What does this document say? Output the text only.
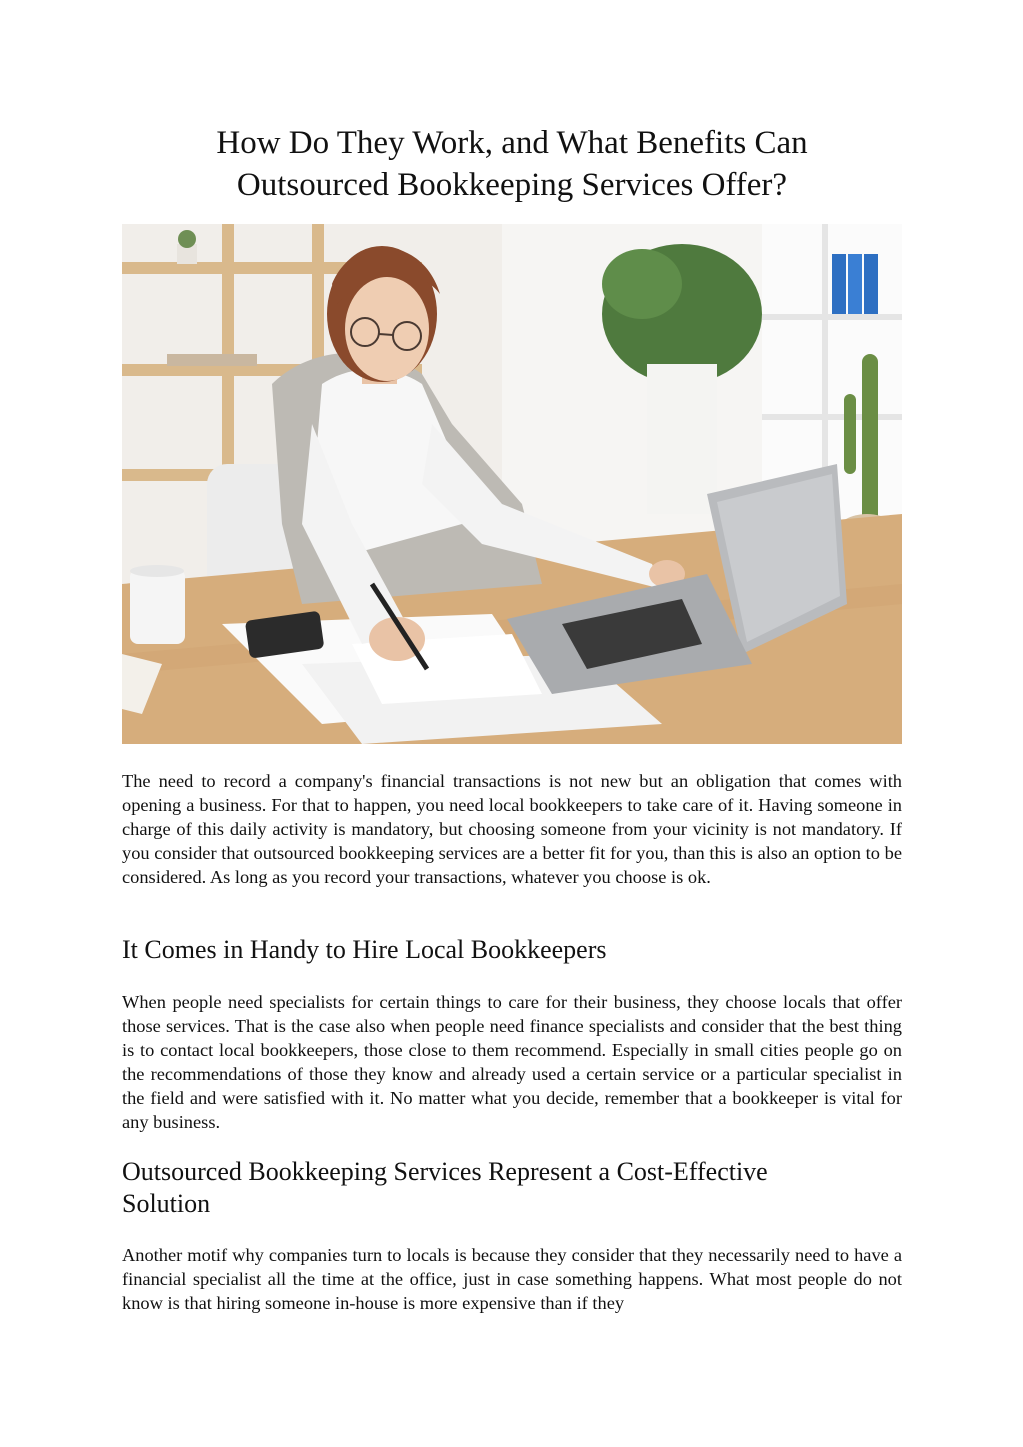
How Do They Work, and What Benefits Can
Outsourced Bookkeeping Services Offer?

The need to record a company's financial transactions is not new but an obligation that comes with opening a business. For that to happen, you need local bookkeepers to take care of it. Having someone in charge of this daily activity is mandatory, but choosing someone from your vicinity is not mandatory. If you consider that outsourced bookkeeping services are a better fit for you, than this is also an option to be considered. As long as you record your transactions, whatever you choose is ok.

It Comes in Handy to Hire Local Bookkeepers

When people need specialists for certain things to care for their business, they choose locals that offer those services. That is the case also when people need finance specialists and consider that the best thing is to contact local bookkeepers, those close to them recommend. Especially in small cities people go on the recommendations of those they know and already used a certain service or a particular specialist in the field and were satisfied with it. No matter what you decide, remember that a bookkeeper is vital for any business.

Outsourced Bookkeeping Services Represent a Cost-Effective
Solution

Another motif why companies turn to locals is because they consider that they necessarily need to have a financial specialist all the time at the office, just in case something happens. What most people do not know is that hiring someone in-house is more expensive than if they
